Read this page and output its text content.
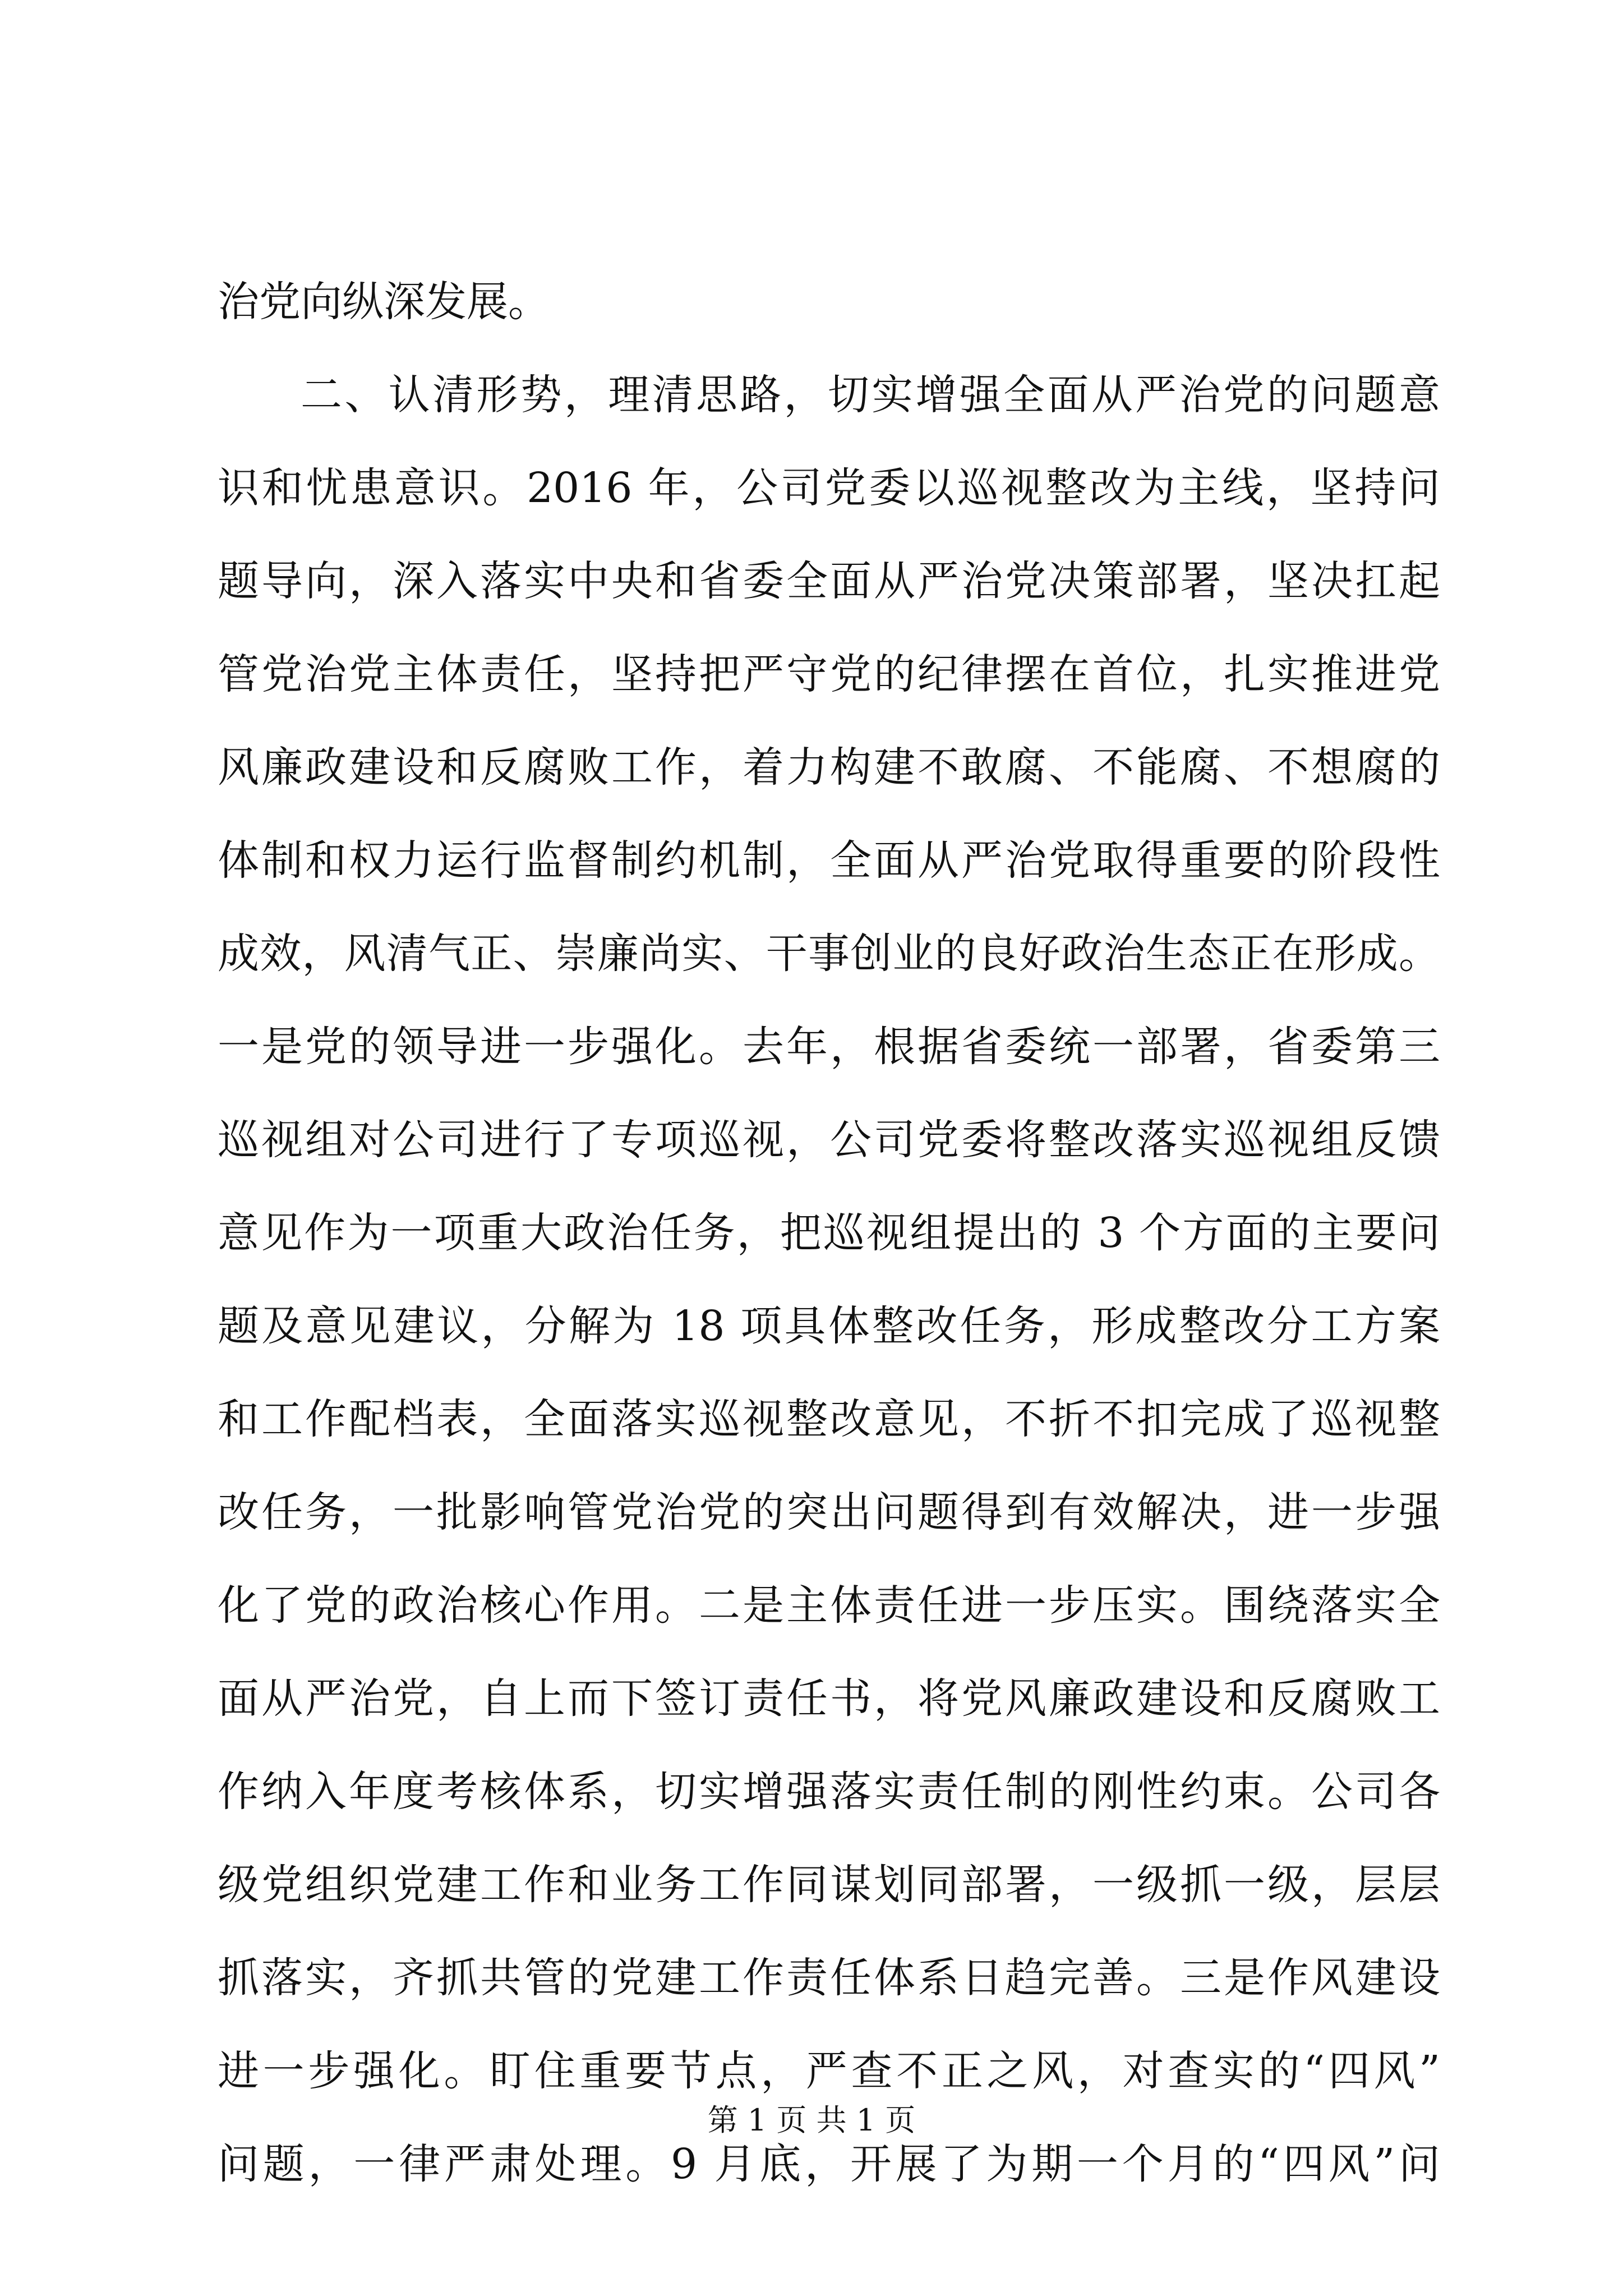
治党向纵深发展。
二、认清形势，理清思路，切实增强全面从严治党的问题意
识和忧患意识。2016 年，公司党委以巡视整改为主线，坚持问
题导向，深入落实中央和省委全面从严治党决策部署，坚决扛起
管党治党主体责任，坚持把严守党的纪律摆在首位，扎实推进党
风廉政建设和反腐败工作，着力构建不敢腐、不能腐、不想腐的
体制和权力运行监督制约机制，全面从严治党取得重要的阶段性
成效，风清气正、崇廉尚实、干事创业的良好政治生态正在形成。
一是党的领导进一步强化。去年，根据省委统一部署，省委第三
巡视组对公司进行了专项巡视，公司党委将整改落实巡视组反馈
意见作为一项重大政治任务，把巡视组提出的 3 个方面的主要问
题及意见建议，分解为 18 项具体整改任务，形成整改分工方案
和工作配档表，全面落实巡视整改意见，不折不扣完成了巡视整
改任务，一批影响管党治党的突出问题得到有效解决，进一步强
化了党的政治核心作用。二是主体责任进一步压实。围绕落实全
面从严治党，自上而下签订责任书，将党风廉政建设和反腐败工
作纳入年度考核体系，切实增强落实责任制的刚性约束。公司各
级党组织党建工作和业务工作同谋划同部署，一级抓一级，层层
抓落实，齐抓共管的党建工作责任体系日趋完善。三是作风建设
进一步强化。盯住重要节点，严查不正之风，对查实的“四风”
问题，一律严肃处理。9 月底，开展了为期一个月的“四风”问
第 1 页 共 1 页
